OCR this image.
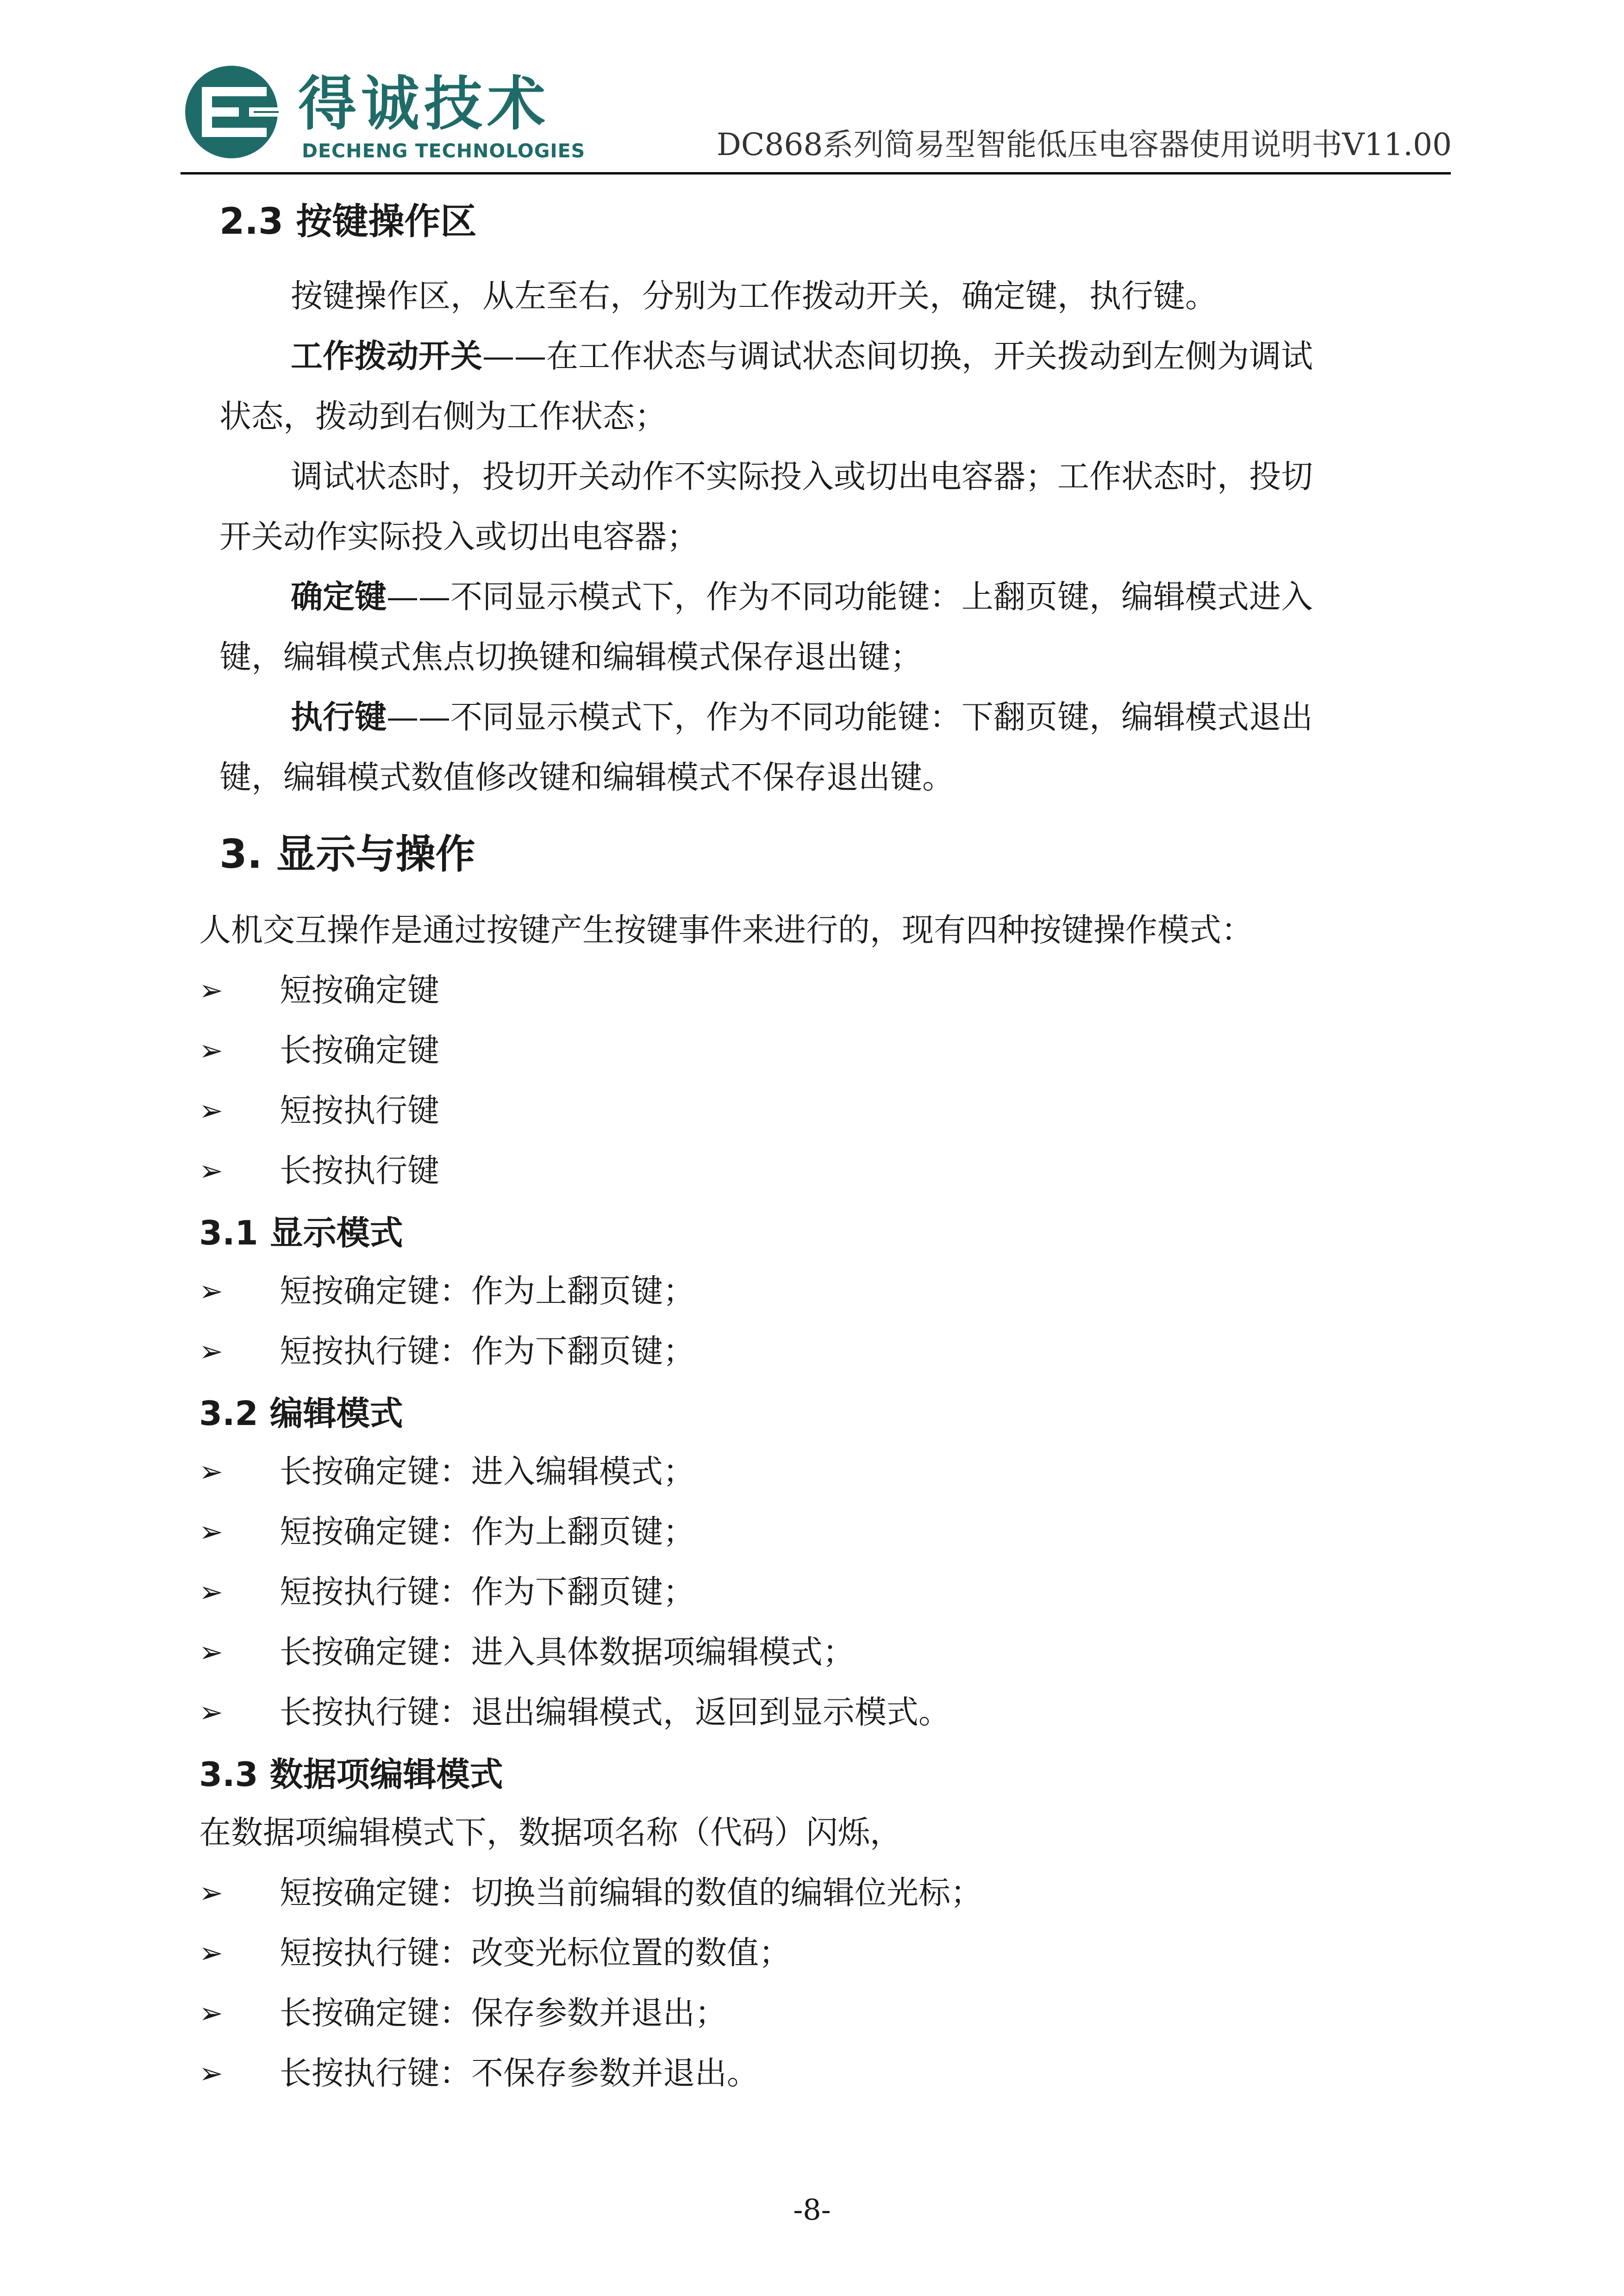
得诚技术
DECHENG TECHNOLOGIES	DC868系列简易型智能低压电容器使用说明书V11.00
2.3 按键操作区
按键操作区，从左至右，分别为工作拨动开关，确定键，执行键。
工作拨动开关——在工作状态与调试状态间切换，开关拨动到左侧为调试
状态，拨动到右侧为工作状态；
调试状态时，投切开关动作不实际投入或切出电容器；工作状态时，投切
开关动作实际投入或切出电容器；
确定键——不同显示模式下，作为不同功能键：上翻页键，编辑模式进入
键，编辑模式焦点切换键和编辑模式保存退出键；
执行键——不同显示模式下，作为不同功能键：下翻页键，编辑模式退出
键，编辑模式数值修改键和编辑模式不保存退出键。
3. 显示与操作
人机交互操作是通过按键产生按键事件来进行的，现有四种按键操作模式：
➢ 短按确定键
➢ 长按确定键
➢ 短按执行键
➢ 长按执行键
3.1 显示模式
➢ 短按确定键：作为上翻页键；
➢ 短按执行键：作为下翻页键；
3.2 编辑模式
➢ 长按确定键：进入编辑模式；
➢ 短按确定键：作为上翻页键；
➢ 短按执行键：作为下翻页键；
➢ 长按确定键：进入具体数据项编辑模式；
➢ 长按执行键：退出编辑模式，返回到显示模式。
3.3 数据项编辑模式
在数据项编辑模式下，数据项名称（代码）闪烁，
➢ 短按确定键：切换当前编辑的数值的编辑位光标；
➢ 短按执行键：改变光标位置的数值；
➢ 长按确定键：保存参数并退出；
➢ 长按执行键：不保存参数并退出。
-8-
